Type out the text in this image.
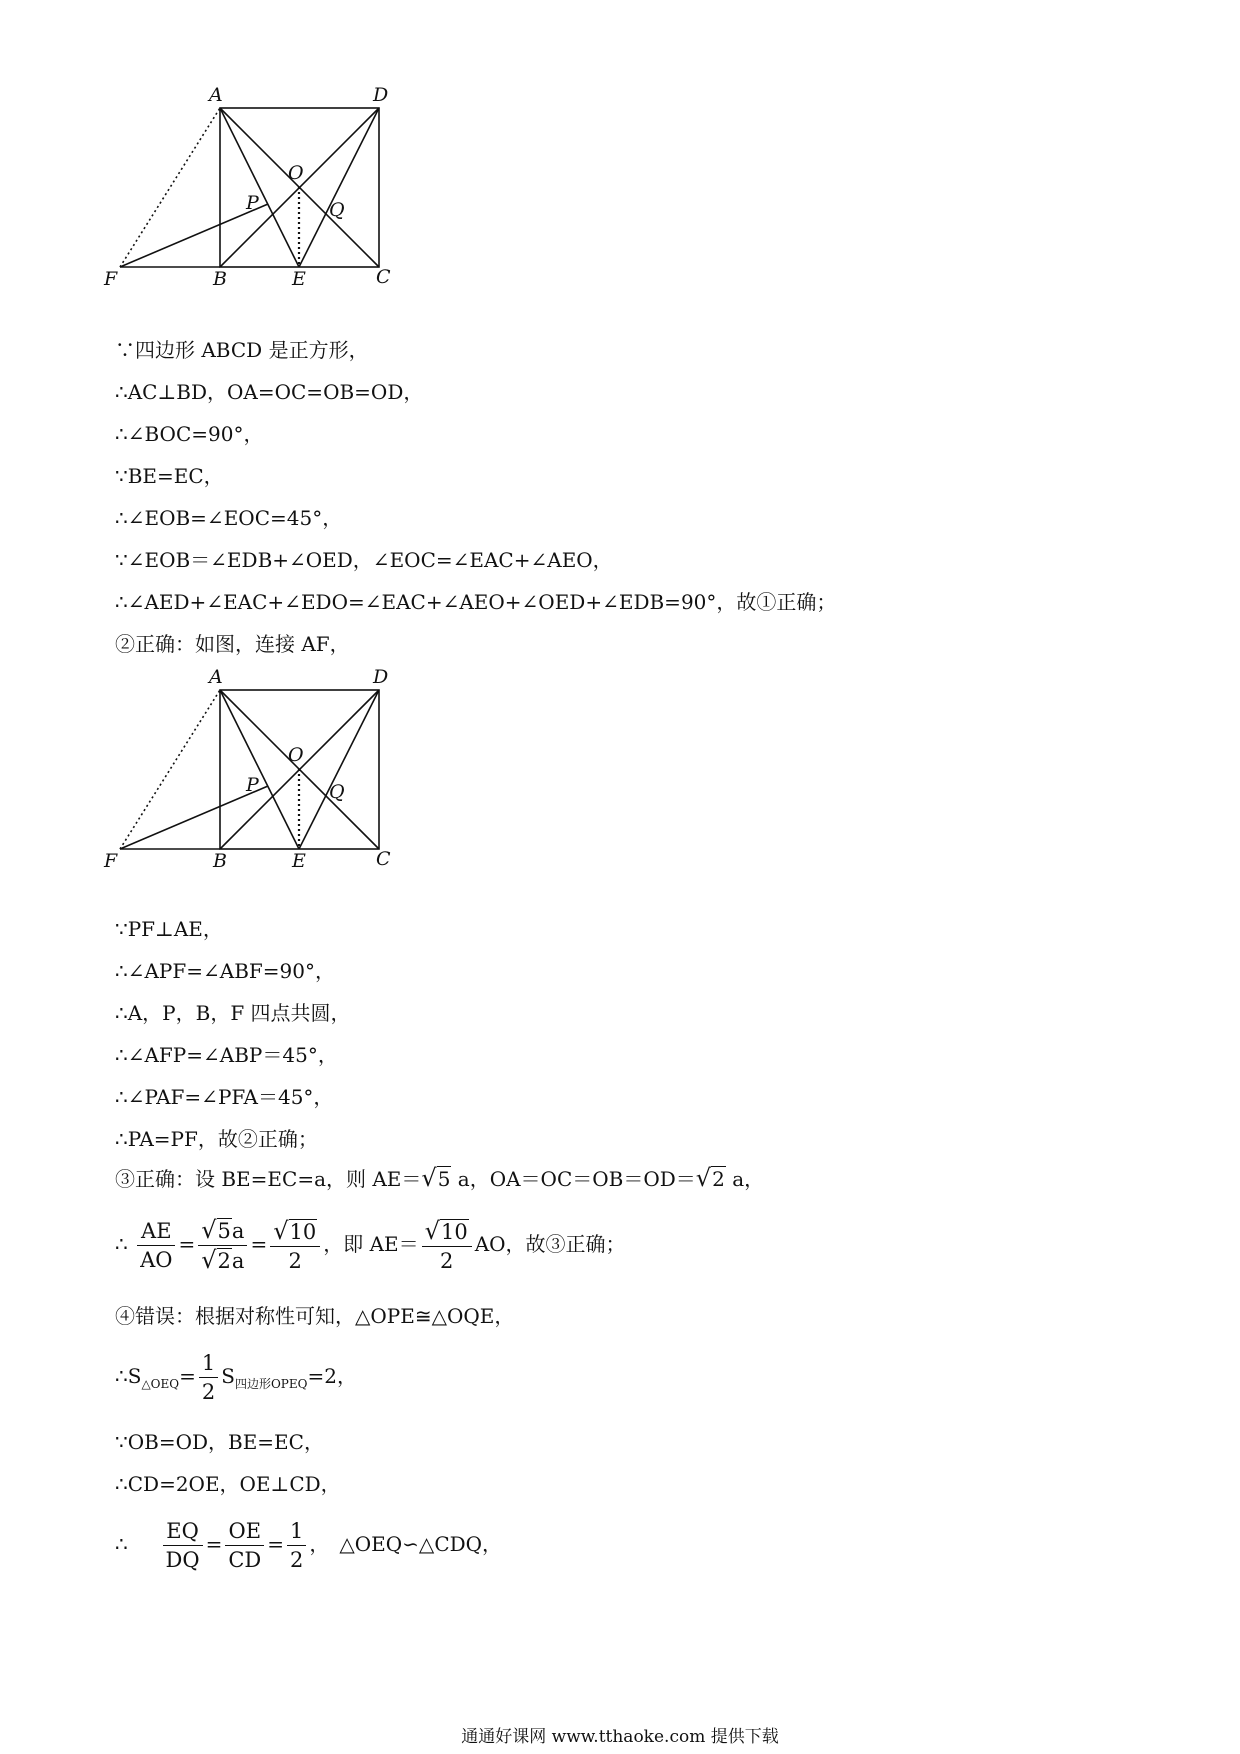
A	D
O
P	Q
F	B	E	C
∵四边形 ABCD 是正方形，
∴AC⊥BD，OA=OC=OB=OD，
∴∠BOC=90°，
∵BE=EC，
∴∠EOB=∠EOC=45°，
∵∠EOB＝∠EDB+∠OED，∠EOC=∠EAC+∠AEO，
∴∠AED+∠EAC+∠EDO=∠EAC+∠AEO+∠OED+∠EDB=90°，故①正确；
②正确：如图，连接 AF，
A	D
O
P	Q
F	B	E	C
∵PF⊥AE，
∴∠APF=∠ABF=90°，
∴A，P，B，F 四点共圆，
∴∠AFP=∠ABP＝45°，
∴∠PAF=∠PFA＝45°，
∴PA=PF，故②正确；
③正确：设 BE=EC=a，则 AE＝√5 a，OA＝OC＝OB＝OD＝√2 a，
∴ $\frac{AE}{AO} = \frac{√5a}{√2a} = \frac{√10}{2}$ ，即 $AE= \frac{√10}{2}$ AO，故③正确；
④错误：根据对称性可知，△OPE≅△OQE，
$\therefore S_{\triangle OEQ}= \frac{1}{2} S_{四边形OPEQ}=2$，
∵OB=OD，BE=EC，
∴CD=2OE，OE⊥CD，
∴ $\frac{EQ}{DQ} = \frac{OE}{CD} = \frac{1}{2}$ ，　△OEQ∽△CDQ，
通通好课网 www.tthaoke.com 提供下载
